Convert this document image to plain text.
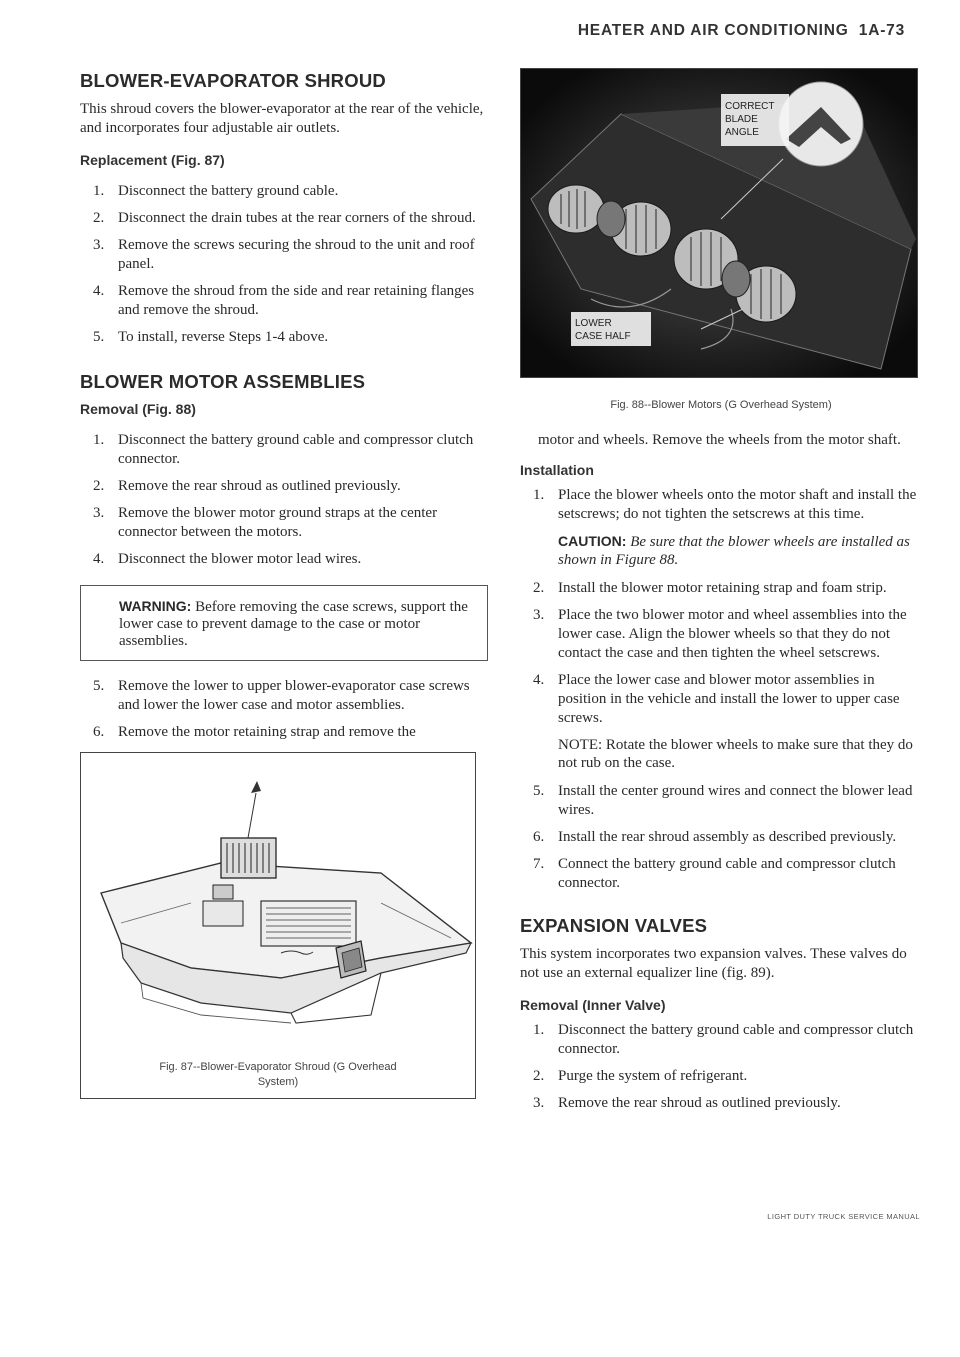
HEATER AND AIR CONDITIONING 1A-73
BLOWER-EVAPORATOR SHROUD

This shroud covers the blower-evaporator at the rear of the vehicle, and incorporates four adjustable air outlets.

Replacement (Fig. 87)
1. Disconnect the battery ground cable.
2. Disconnect the drain tubes at the rear corners of the shroud.
3. Remove the screws securing the shroud to the unit and roof panel.
4. Remove the shroud from the side and rear retaining flanges and remove the shroud.
5. To install, reverse Steps 1-4 above.
BLOWER MOTOR ASSEMBLIES
Removal (Fig. 88)
1. Disconnect the battery ground cable and compressor clutch connector.
2. Remove the rear shroud as outlined previously.
3. Remove the blower motor ground straps at the center connector between the motors.
4. Disconnect the blower motor lead wires.
WARNING: Before removing the case screws, support the lower case to prevent damage to the case or motor assemblies.
5. Remove the lower to upper blower-evaporator case screws and lower the lower case and motor assemblies.
6. Remove the motor retaining strap and remove the
Fig. 87--Blower-Evaporator Shroud (G Overhead
System)
CORRECT
BLADE
ANGLE
LOWER
CASE HALF
Fig. 88--Blower Motors (G Overhead System)

motor and wheels. Remove the wheels from the motor shaft.

Installation
1. Place the blower wheels onto the motor shaft and install the setscrews; do not tighten the setscrews at this time.
CAUTION: Be sure that the blower wheels are installed as shown in Figure 88.
2. Install the blower motor retaining strap and foam strip.
3. Place the two blower motor and wheel assemblies into the lower case. Align the blower wheels so that they do not contact the case and then tighten the wheel setscrews.
4. Place the lower case and blower motor assemblies in position in the vehicle and install the lower to upper case screws.
NOTE: Rotate the blower wheels to make sure that they do not rub on the case.
5. Install the center ground wires and connect the blower lead wires.
6. Install the rear shroud assembly as described previously.
7. Connect the battery ground cable and compressor clutch connector.
EXPANSION VALVES

This system incorporates two expansion valves. These valves do not use an external equalizer line (fig. 89).

Removal (Inner Valve)
1. Disconnect the battery ground cable and compressor clutch connector.
2. Purge the system of refrigerant.
3. Remove the rear shroud as outlined previously.
LIGHT DUTY TRUCK SERVICE MANUAL
